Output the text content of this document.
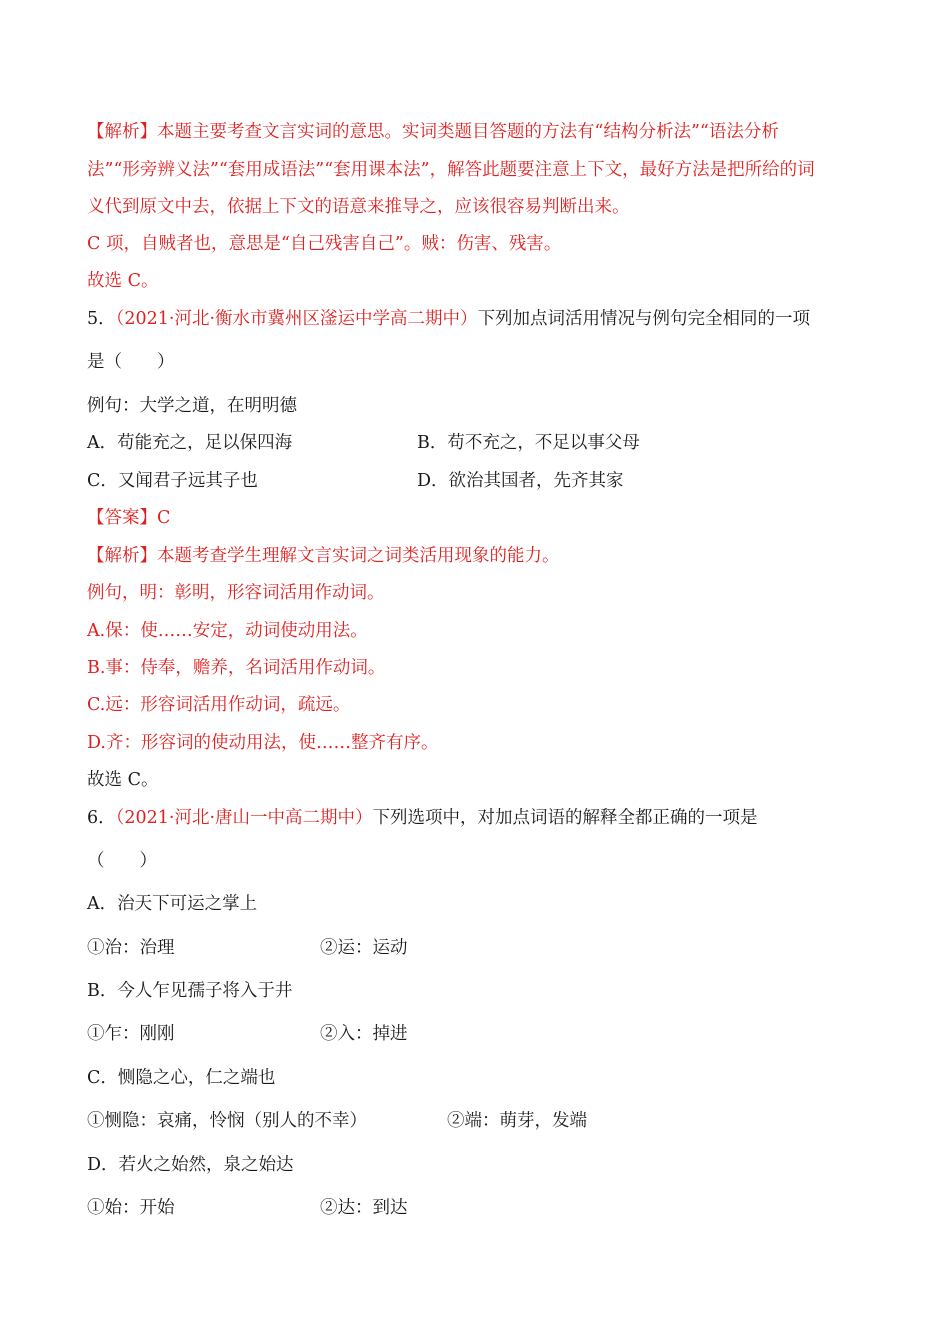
【解析】本题主要考查文言实词的意思。实词类题目答题的方法有“结构分析法”“语法分析
法”“形旁辨义法”“套用成语法”“套用课本法”，解答此题要注意上下文，最好方法是把所给的词
义代到原文中去，依据上下文的语意来推导之，应该很容易判断出来。
C 项，自贼者也，意思是“自己残害自己”。贼：伤害、残害。
故选 C。
5．（2021·河北·衡水市冀州区滏运中学高二期中）下列加点词活用情况与例句完全相同的一项
是（　　）
例句：大学之道，在明明德
A．苟能充之，足以保四海	B．苟不充之，不足以事父母
C．又闻君子远其子也	D．欲治其国者，先齐其家
【答案】C
【解析】本题考查学生理解文言实词之词类活用现象的能力。
例句，明：彰明，形容词活用作动词。
A.保：使……安定，动词使动用法。
B.事：侍奉，赡养，名词活用作动词。
C.远：形容词活用作动词，疏远。
D.齐：形容词的使动用法，使……整齐有序。
故选 C。
6．（2021·河北·唐山一中高二期中）下列选项中，对加点词语的解释全都正确的一项是
（　　）
A．治天下可运之掌上
①治：治理	②运：运动
B．今人乍见孺子将入于井
①乍：刚刚	②入：掉进
C．恻隐之心，仁之端也
①恻隐：哀痛，怜悯（别人的不幸）	②端：萌芽，发端
D．若火之始然，泉之始达
①始：开始	②达：到达
